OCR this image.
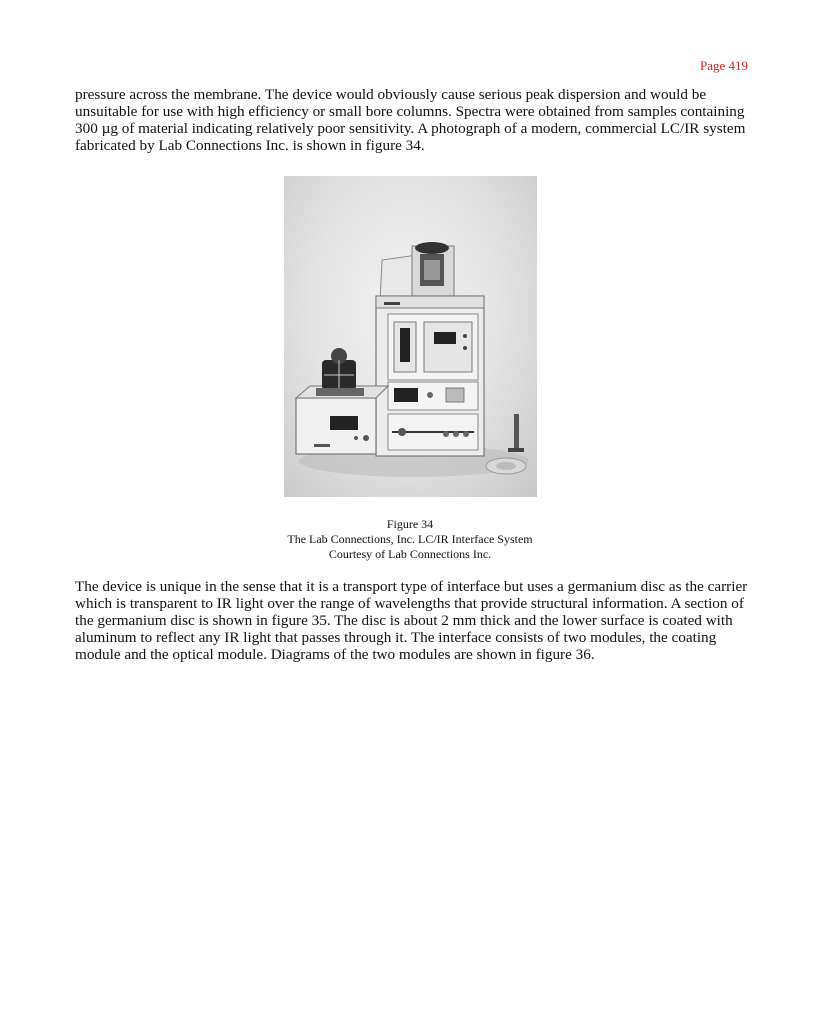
Page 419

pressure across the membrane. The device would obviously cause serious peak dispersion and would be unsuitable for use with high efficiency or small bore columns. Spectra were obtained from samples containing 300 µg of material indicating relatively poor sensitivity. A photograph of a modern, commercial LC/IR system fabricated by Lab Connections Inc. is shown in figure 34.

Figure 34

The Lab Connections, Inc. LC/IR Interface System

Courtesy of Lab Connections Inc.

The device is unique in the sense that it is a transport type of interface but uses a germanium disc as the carrier which is transparent to IR light over the range of wavelengths that provide structural information. A section of the germanium disc is shown in figure 35. The disc is about 2 mm thick and the lower surface is coated with aluminum to reflect any IR light that passes through it. The interface consists of two modules, the coating module and the optical module. Diagrams of the two modules are shown in figure 36.
